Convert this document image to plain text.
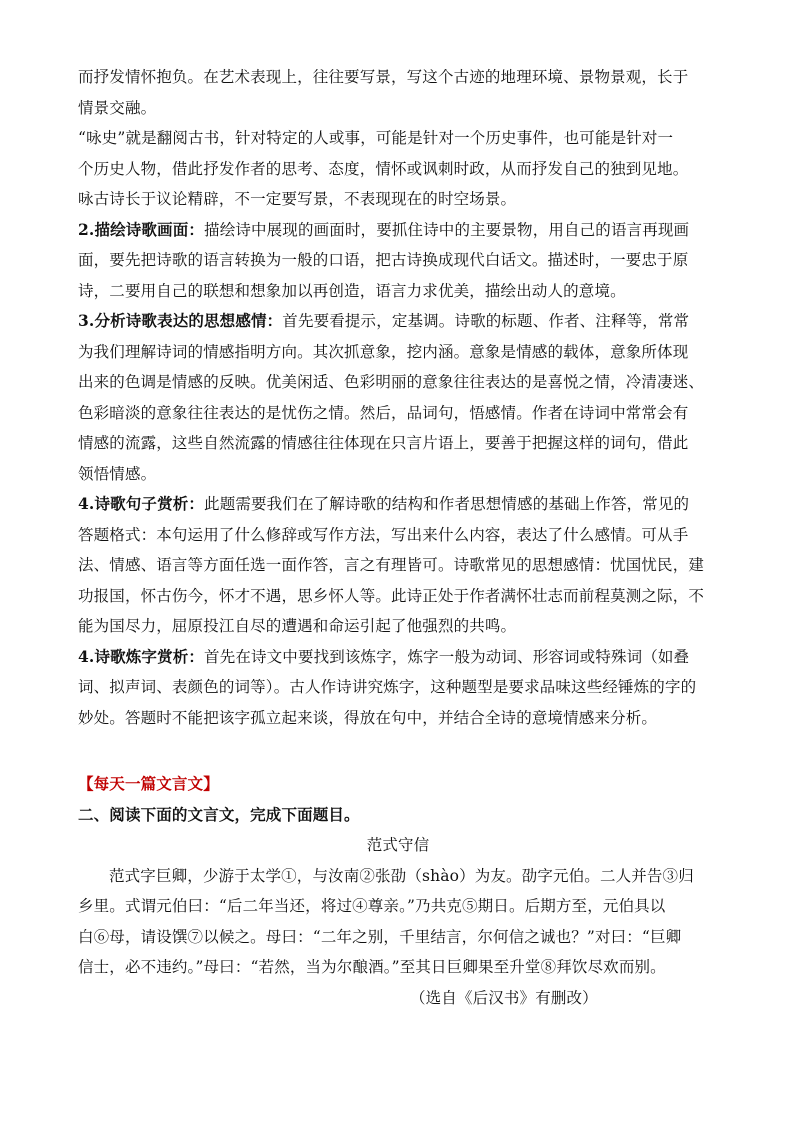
而抒发情怀抱负。在艺术表现上，往往要写景，写这个古迹的地理环境、景物景观，长于
情景交融。
“咏史”就是翻阅古书，针对特定的人或事，可能是针对一个历史事件，也可能是针对一
个历史人物，借此抒发作者的思考、态度，情怀或讽刺时政，从而抒发自己的独到见地。
咏古诗长于议论精辟，不一定要写景，不表现现在的时空场景。
2.描绘诗歌画面：描绘诗中展现的画面时，要抓住诗中的主要景物，用自己的语言再现画
面，要先把诗歌的语言转换为一般的口语，把古诗换成现代白话文。描述时，一要忠于原
诗，二要用自己的联想和想象加以再创造，语言力求优美，描绘出动人的意境。
3.分析诗歌表达的思想感情：首先要看提示，定基调。诗歌的标题、作者、注释等，常常
为我们理解诗词的情感指明方向。其次抓意象，挖内涵。意象是情感的载体，意象所体现
出来的色调是情感的反映。优美闲适、色彩明丽的意象往往表达的是喜悦之情，冷清凄迷、
色彩暗淡的意象往往表达的是忧伤之情。然后，品词句，悟感情。作者在诗词中常常会有
情感的流露，这些自然流露的情感往往体现在只言片语上，要善于把握这样的词句，借此
领悟情感。
4.诗歌句子赏析：此题需要我们在了解诗歌的结构和作者思想情感的基础上作答，常见的
答题格式：本句运用了什么修辞或写作方法，写出来什么内容，表达了什么感情。可从手
法、情感、语言等方面任选一面作答，言之有理皆可。诗歌常见的思想感情：忧国忧民，建
功报国，怀古伤今，怀才不遇，思乡怀人等。此诗正处于作者满怀壮志而前程莫测之际，不
能为国尽力，屈原投江自尽的遭遇和命运引起了他强烈的共鸣。
4.诗歌炼字赏析：首先在诗文中要找到该炼字，炼字一般为动词、形容词或特殊词（如叠
词、拟声词、表颜色的词等）。古人作诗讲究炼字，这种题型是要求品味这些经锤炼的字的
妙处。答题时不能把该字孤立起来谈，得放在句中，并结合全诗的意境情感来分析。
【每天一篇文言文】
二、阅读下面的文言文，完成下面题目。
范式守信
范式字巨卿，少游于太学①，与汝南②张劭（shào）为友。劭字元伯。二人并告③归
乡里。式谓元伯曰：“后二年当还，将过④尊亲。”乃共克⑤期日。后期方至，元伯具以
白⑥母，请设馔⑦以候之。母曰：“二年之别，千里结言，尔何信之诚也？”对曰：“巨卿
信士，必不违约。”母曰：“若然，当为尔酿酒。”至其日巨卿果至升堂⑧拜饮尽欢而别。
（选自《后汉书》有删改）
